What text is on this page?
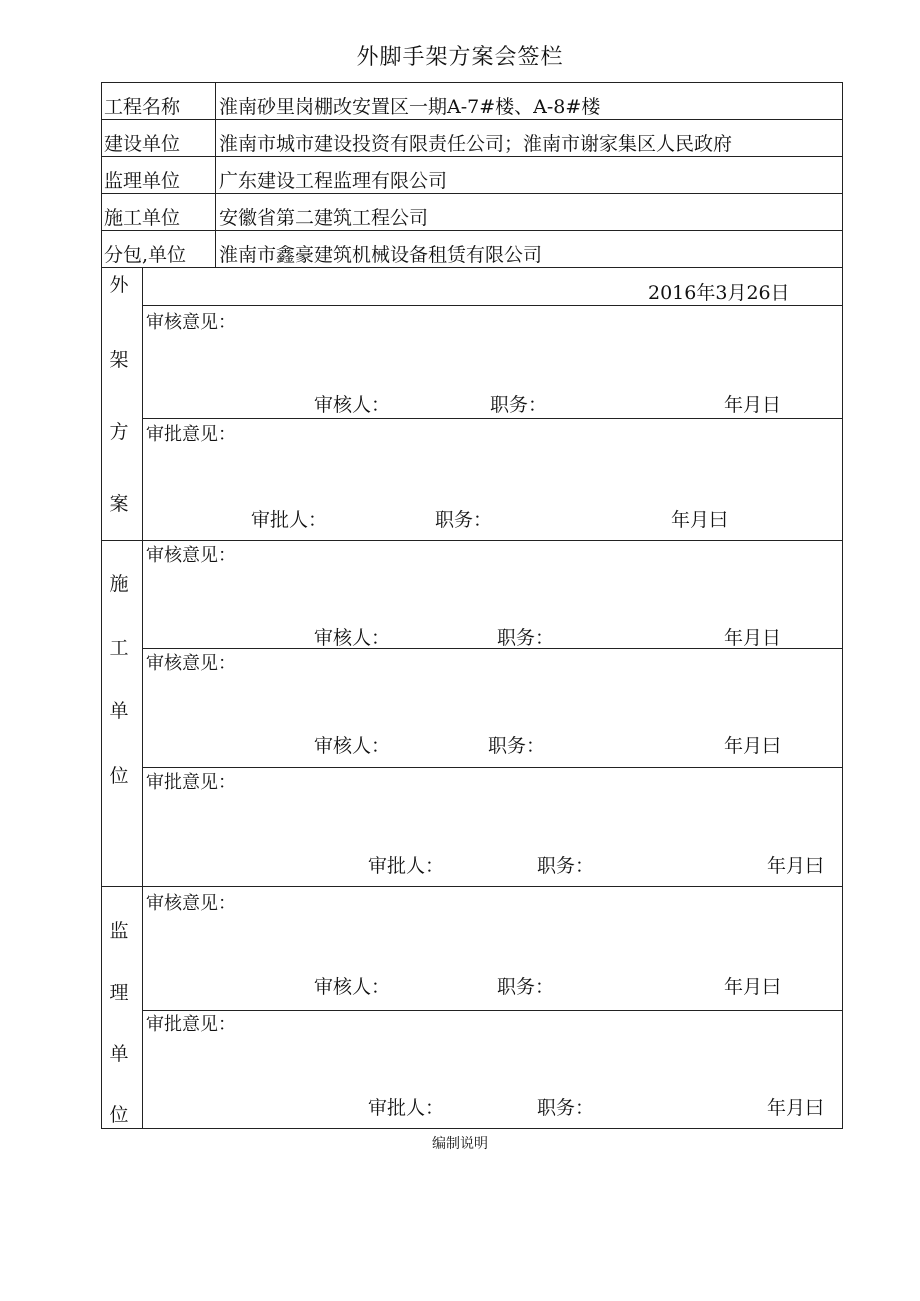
外脚手架方案会签栏
工程名称 淮南砂里岗棚改安置区一期A-7#楼、A-8#楼
建设单位 淮南市城市建设投资有限责任公司；淮南市谢家集区人民政府
监理单位 广东建设工程监理有限公司
施工单位 安徽省第二建筑工程公司
分包,单位 淮南市鑫豪建筑机械设备租赁有限公司
外
架
方
案
2016年3月26日
审核意见：
审核人：	职务：	年月日
审批意见：
审批人：	职务：	年月曰
施
工
单
位
审核意见：
审核人：	职务：	年月日
审核意见：
审核人：	职务：	年月曰
审批意见：
审批人：	职务：	年月曰
监
理
单
位
审核意见：
审核人：	职务：	年月曰
审批意见：
审批人：	职务：	年月曰
编制说明
